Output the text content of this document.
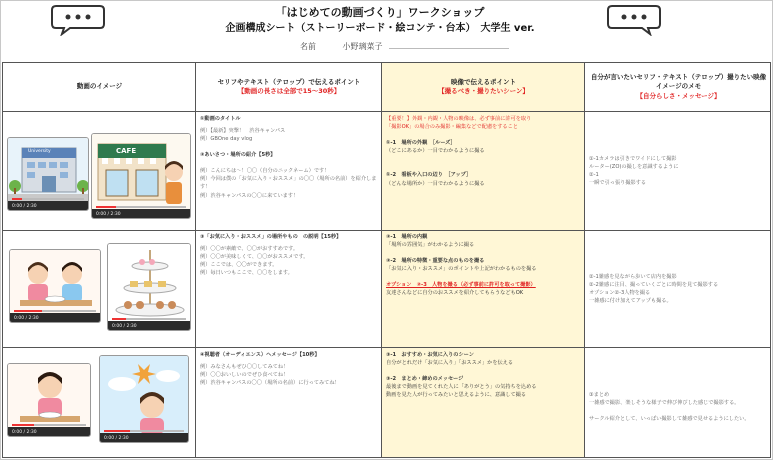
「はじめての動画づくり」ワークショップ
企画構成シート（ストーリーボード・絵コンテ・台本）　大学生 ver.
名前	小野璃菜子
動画のイメージ
セリフやテキスト（テロップ）で伝えるポイント
【動画の長さは全部で15～30秒】
映像で伝えるポイント
【撮るべき・撮りたいシーン】
自分が言いたいセリフ・テキスト（テロップ）撮りたい映像イメージのメモ
【自分らしさ・メッセージ】
University
0:00 / 2:30
CAFE
0:00 / 2:30
0:00 / 2:30
0:00 / 2:30
0:00 / 2:30
0:00 / 2:30
①動画のタイトル
例）【最新】突撃！　渋谷キャンパス
例）GBOne day vlog

②あいさつ・場所の紹介【5秒】

例）こんにちは～！〇〇（自分のニックネーム）です！
例）今回は僕の「お気に入り・おススメ」の〇〇（場所の名前）を紹介します！
例）渋谷キャンパスの〇〇に来ています！
【重要！】外観・内観・人物の映像は、必ず事前に許可を取り
「撮影OK」の場合のみ撮影・編集などで配慮をすること

①-1　場所の外観　［ルーズ］
（どこにあるか）一目でわかるように撮る

①-2　看板や入口の辺り　［アップ］
（どんな場所か）一目でわかるように撮る
①-1カメラは引きでワイドにして撮影
ルーター(ZO)の撮しを意識するように
②-1
一瞬で引っ張り撮影する
③「お気に入り・おススメ」の場所やもの　の説明【15秒】
例）〇〇が素敵で、〇〇がおすすめです。
例）〇〇が美味しくて、〇〇がおススメです。
例）ここでは、〇〇ができます。
例）毎日いつもここで、〇〇をします。
②-1　場所の内観
「場所の雰囲気」がわかるように撮る

②-2　場所の特徴・重要な点のものを撮る
「お気に入り・おススメ」のポイントや上記がわかるものを撮る

オプション　②-3　人物を撮る（必ず事前に許可を取って撮影）
友達さんなどに自分のおススメを紹介してもらうなどもOK
②-1雑感を見ながら歩いて店内を撮影
②-2雑感に注目、撮っていくごとに時間を見て撮影する
オプション②-3人物を撮る
一雑感に付け加えてアップも撮る。
④視聴者（オーディエンス）へメッセージ【10秒】
例）みなさんもぜひ〇〇してみてね！
例）〇〇おいしいのでぜひ食べてね！
例）渋谷キャンパスの〇〇（場所の名前）に行ってみてね！
③-1　おすすめ・お気に入りのシーン
自分がとれだけ「お気に入り」「おススメ」かを伝える

③-2　まとめ・締めのメッセージ
最後まで動画を見てくれた人に「ありがとう」の気持ちを込める
動画を見た人が行ってみたいと思えるように、意識して撮る	③まとめ
一雑感で撮影、楽しそうな様子で伸び伸びした感じで撮影する。

サークル紹介として、いっぱい撮影して雑感で見せるようにしたい。
